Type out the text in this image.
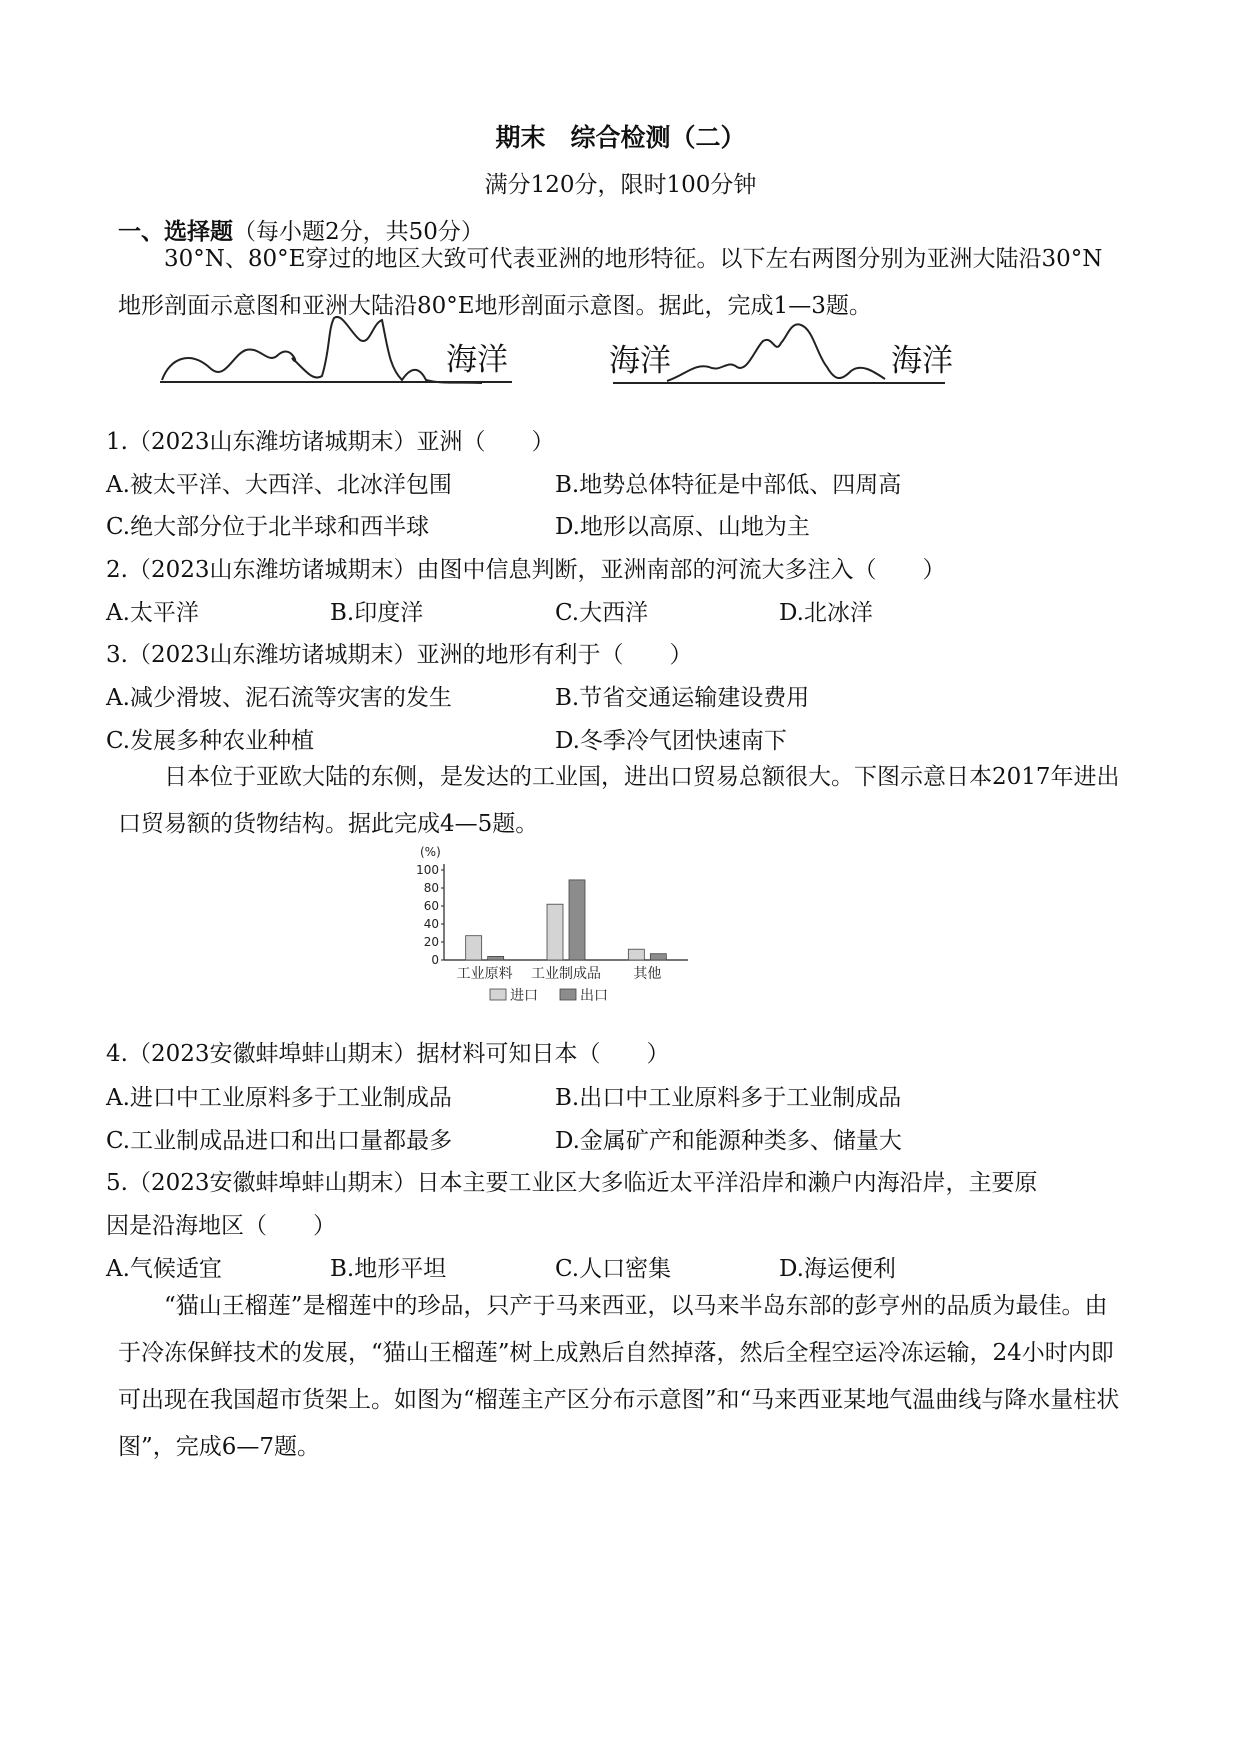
期末　综合检测（二）
满分120分，限时100分钟
一、选择题（每小题2分，共50分）
30°N、80°E穿过的地区大致可代表亚洲的地形特征。以下左右两图分别为亚洲大陆沿30°N地形剖面示意图和亚洲大陆沿80°E地形剖面示意图。据此，完成1—3题。
海洋	海洋	海洋
1.（2023山东潍坊诸城期末）亚洲（　　）
A.被太平洋、大西洋、北冰洋包围	B.地势总体特征是中部低、四周高
C.绝大部分位于北半球和西半球	D.地形以高原、山地为主
2.（2023山东潍坊诸城期末）由图中信息判断，亚洲南部的河流大多注入（　　）
A.太平洋	B.印度洋	C.大西洋	D.北冰洋
3.（2023山东潍坊诸城期末）亚洲的地形有利于（　　）
A.减少滑坡、泥石流等灾害的发生	B.节省交通运输建设费用
C.发展多种农业种植	D.冬季冷气团快速南下
日本位于亚欧大陆的东侧，是发达的工业国，进出口贸易总额很大。下图示意日本2017年进出口贸易额的货物结构。据此完成4—5题。
(%)
0
20
40
60
80
100
工业原料 工业制成品 其他
进口	出口
4.（2023安徽蚌埠蚌山期末）据材料可知日本（　　）
A.进口中工业原料多于工业制成品	B.出口中工业原料多于工业制成品
C.工业制成品进口和出口量都最多	D.金属矿产和能源种类多、储量大
5.（2023安徽蚌埠蚌山期末）日本主要工业区大多临近太平洋沿岸和濑户内海沿岸，主要原
因是沿海地区（　　）
A.气候适宜	B.地形平坦	C.人口密集	D.海运便利
“猫山王榴莲”是榴莲中的珍品，只产于马来西亚，以马来半岛东部的彭亨州的品质为最佳。由于冷冻保鲜技术的发展，“猫山王榴莲”树上成熟后自然掉落，然后全程空运冷冻运输，24小时内即可出现在我国超市货架上。如图为“榴莲主产区分布示意图”和“马来西亚某地气温曲线与降水量柱状图”，完成6—7题。
